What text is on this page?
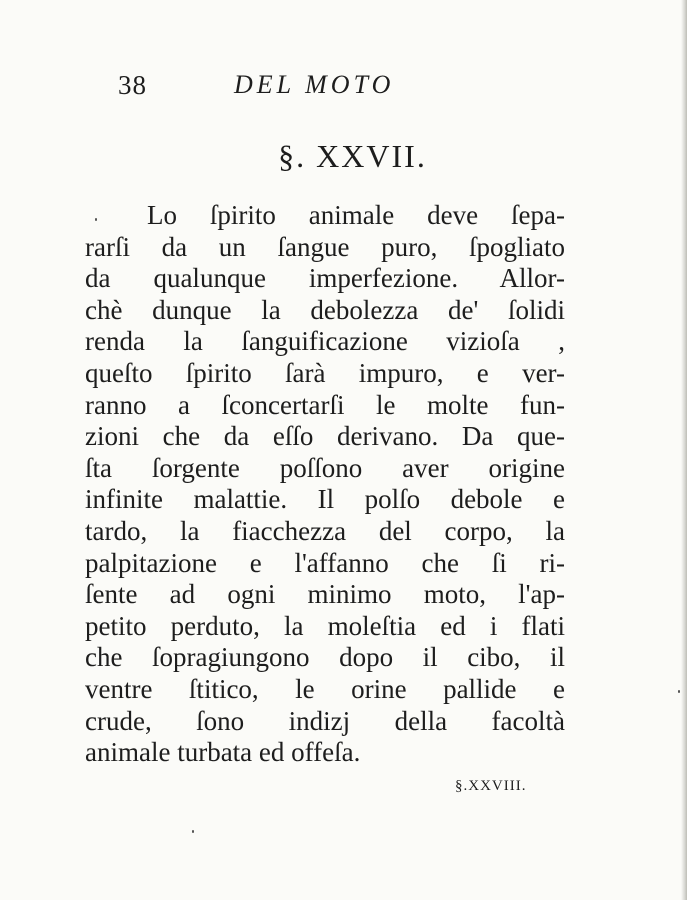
38	DEL MOTO
§. XXVII.
Lo ſpirito animale deve ſepa-
rarſi da un ſangue puro, ſpogliato
da qualunque imperfezione. Allor-
chè dunque la debolezza de' ſolidi
renda la ſanguificazione vizioſa ,
queſto ſpirito ſarà impuro, e ver-
ranno a ſconcertarſi le molte fun-
zioni che da eſſo derivano. Da que-
ſta ſorgente poſſono aver origine
infinite malattie. Il polſo debole e
tardo, la fiacchezza del corpo, la
palpitazione e l'affanno che ſi ri-
ſente ad ogni minimo moto, l'ap-
petito perduto, la moleſtia ed i flati
che ſopragiungono dopo il cibo, il
ventre ſtitico, le orine pallide e
crude, ſono indizj della facoltà
animale turbata ed offeſa.
§.XXVIII.
